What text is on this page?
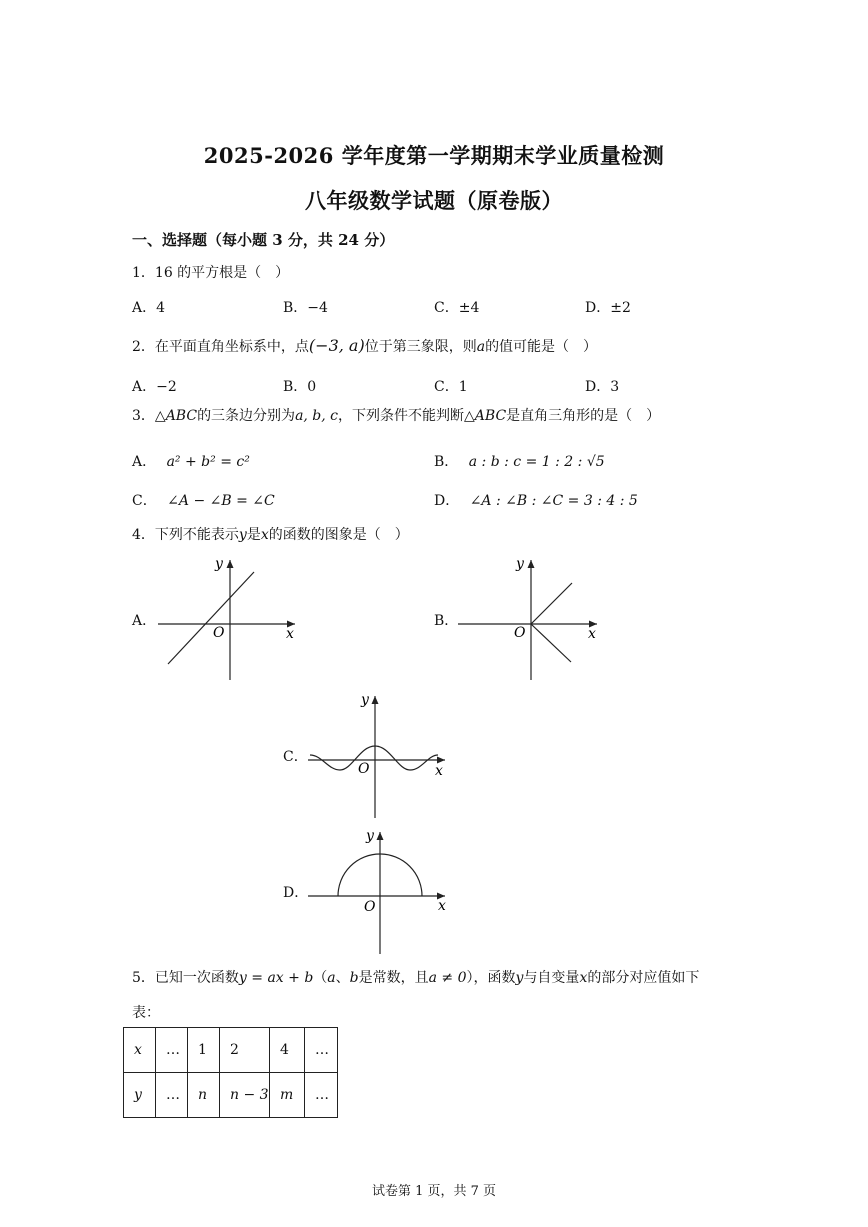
2025-2026 学年度第一学期期末学业质量检测
八年级数学试题（原卷版）
一、选择题（每小题 3 分，共 24 分）
1．16 的平方根是（　）
A．4	B．−4	C．±4	D．±2
2．在平面直角坐标系中，点(−3, a)位于第三象限，则a的值可能是（　）
A．−2	B．0	C．1	D．3
3．△ABC的三条边分别为a, b, c，下列条件不能判断△ABC是直角三角形的是（　）
A． a² + b² = c²	B． a : b : c = 1 : 2 : √5
C． ∠A − ∠B = ∠C	D． ∠A : ∠B : ∠C = 3 : 4 : 5
4．下列不能表示y是x的函数的图象是（　）
A．
x
y
O
B．
x
y
O
C．
x
y
O
D．
x
y
O
5．已知一次函数y = ax + b（a、b是常数，且a ≠ 0），函数y与自变量x的部分对应值如下
表：
x	…	1	2	4	…
y	…	n	n − 3	m	…
试卷第 1 页，共 7 页
